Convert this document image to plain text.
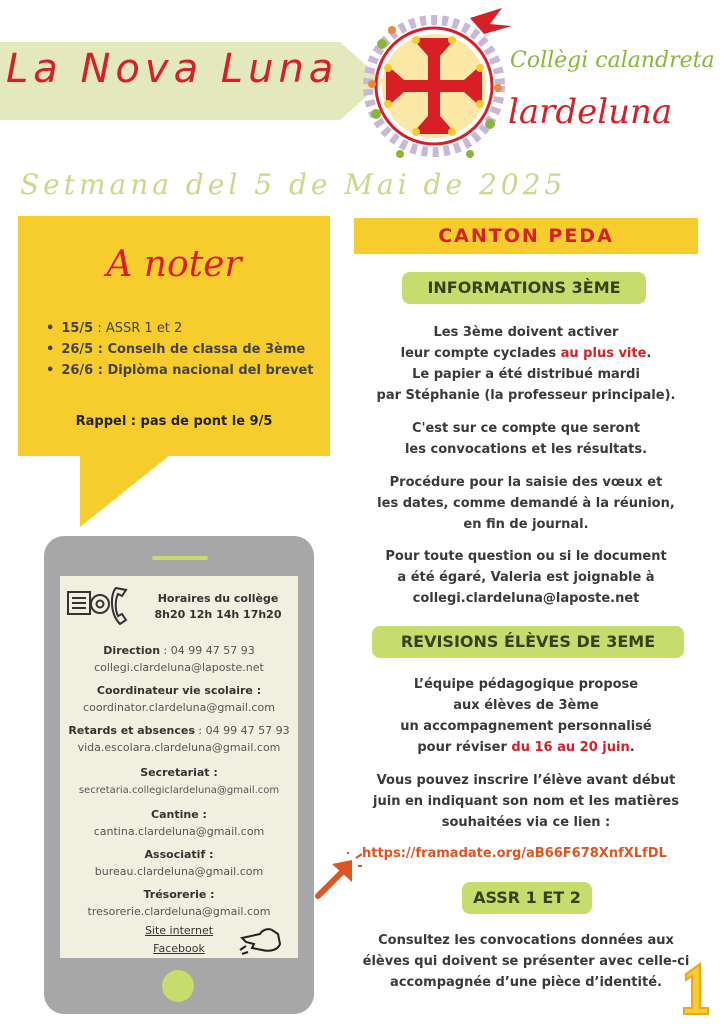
La Nova Luna	Collègi calandreta
lardeluna
Setmana del 5 de Mai de 2025
A noter
• 15/5 : ASSR 1 et 2
• 26/5 : Conselh de classa de 3ème
• 26/6 : Diplòma nacional del brevet
Rappel : pas de pont le 9/5
Horaires du collège
8h20 12h 14h 17h20
Direction : 04 99 47 57 93
collegi.clardeluna@laposte.net
Coordinateur vie scolaire :
coordinator.clardeluna@gmail.com
Retards et absences : 04 99 47 57 93
vida.escolara.clardeluna@gmail.com
Secretariat :
secretaria.collegiclardeluna@gmail.com
Cantine :
cantina.clardeluna@gmail.com
Associatif :
bureau.clardeluna@gmail.com
Trésorerie :
tresorerie.clardeluna@gmail.com
Site internet
Facebook
CANTON PEDA
INFORMATIONS 3ÈME
Les 3ème doivent activer
leur compte cyclades au plus vite.
Le papier a été distribué mardi
par Stéphanie (la professeur principale).
C'est sur ce compte que seront
les convocations et les résultats.
Procédure pour la saisie des vœux et
les dates, comme demandé à la réunion,
en fin de journal.
Pour toute question ou si le document
a été égaré, Valeria est joignable à
collegi.clardeluna@laposte.net
REVISIONS ÉLÈVES DE 3EME
L’équipe pédagogique propose
aux élèves de 3ème
un accompagnement personnalisé
pour réviser du 16 au 20 juin.
Vous pouvez inscrire l’élève avant début
juin en indiquant son nom et les matières
souhaitées via ce lien :
https://framadate.org/aB66F678XnfXLfDL
ASSR 1 ET 2
Consultez les convocations données aux
élèves qui doivent se présenter avec celle-ci
accompagnée d’une pièce d’identité.
